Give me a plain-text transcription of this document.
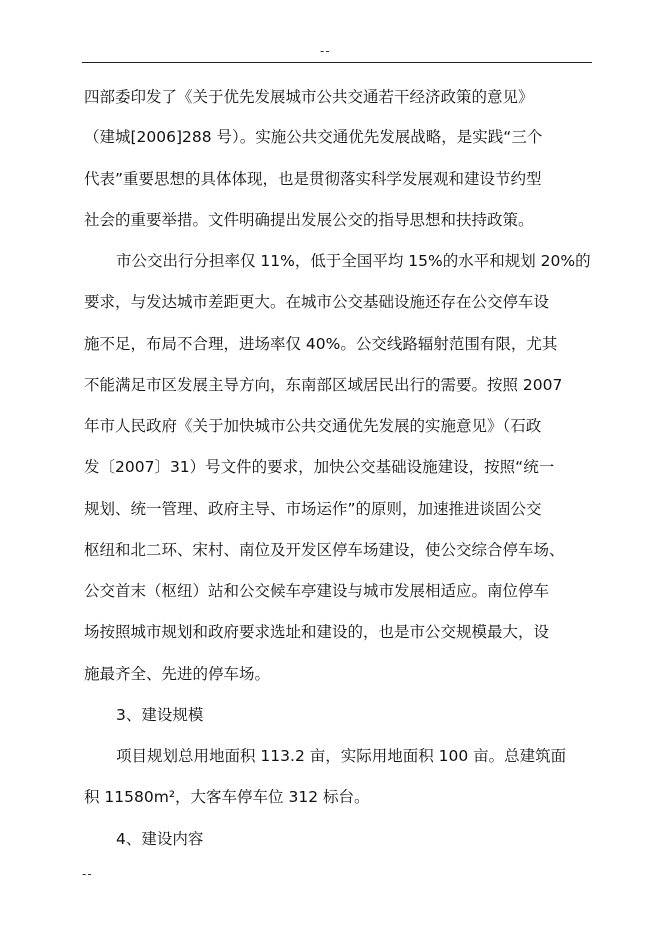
--
四部委印发了《关于优先发展城市公共交通若干经济政策的意见》
（建城[2006]288 号）。实施公共交通优先发展战略，是实践“三个
代表”重要思想的具体体现，也是贯彻落实科学发展观和建设节约型
社会的重要举措。文件明确提出发展公交的指导思想和扶持政策。
市公交出行分担率仅 11%，低于全国平均 15%的水平和规划 20%的
要求，与发达城市差距更大。在城市公交基础设施还存在公交停车设
施不足，布局不合理，进场率仅 40%。公交线路辐射范围有限，尤其
不能满足市区发展主导方向，东南部区域居民出行的需要。按照 2007
年市人民政府《关于加快城市公共交通优先发展的实施意见》（石政
发〔2007〕31）号文件的要求，加快公交基础设施建设，按照“统一
规划、统一管理、政府主导、市场运作”的原则，加速推进谈固公交
枢纽和北二环、宋村、南位及开发区停车场建设，使公交综合停车场、
公交首末（枢纽）站和公交候车亭建设与城市发展相适应。南位停车
场按照城市规划和政府要求选址和建设的，也是市公交规模最大，设
施最齐全、先进的停车场。
3、建设规模
项目规划总用地面积 113.2 亩，实际用地面积 100 亩。总建筑面
积 11580m²，大客车停车位 312 标台。
4、建设内容
--
